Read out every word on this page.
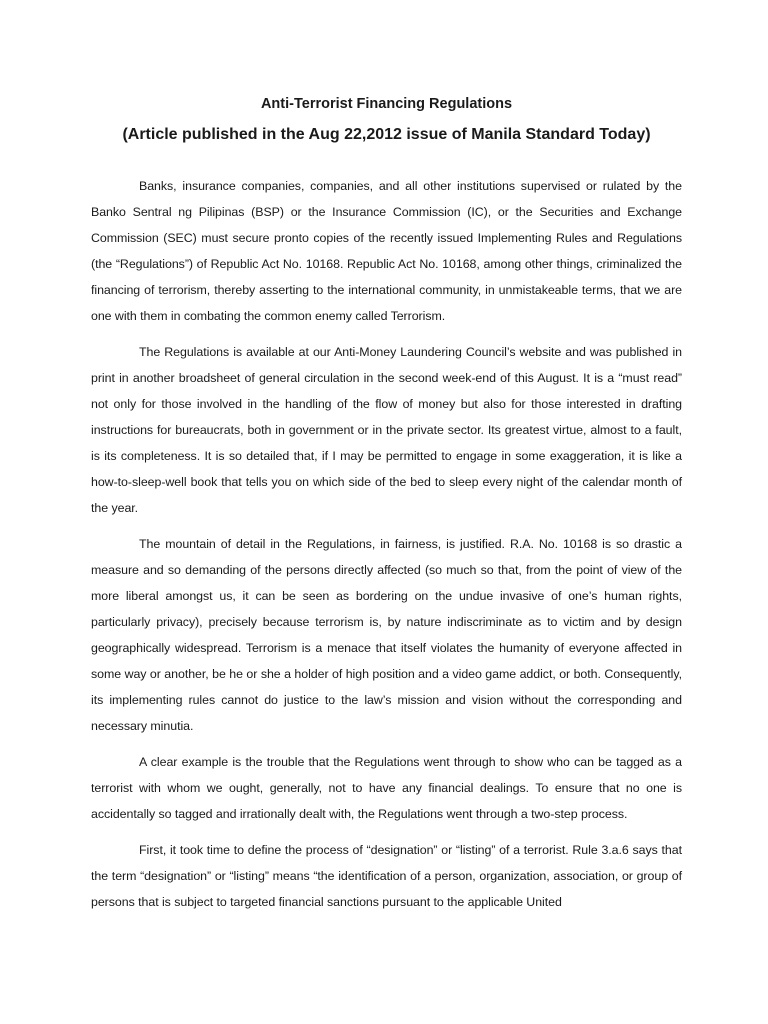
Anti-Terrorist Financing Regulations
(Article published in the Aug 22,2012 issue of Manila Standard Today)

Banks, insurance companies, companies, and all other institutions supervised or rulated by the Banko Sentral ng Pilipinas (BSP) or the Insurance Commission (IC), or the Securities and Exchange Commission (SEC) must secure pronto copies of the recently issued Implementing Rules and Regulations (the “Regulations”) of Republic Act No. 10168. Republic Act No. 10168, among other things, criminalized the financing of terrorism, thereby asserting to the international community, in unmistakeable terms, that we are one with them in combating the common enemy called Terrorism.

The Regulations is available at our Anti-Money Laundering Council’s website and was published in print in another broadsheet of general circulation in the second week-end of this August. It is a “must read” not only for those involved in the handling of the flow of money but also for those interested in drafting instructions for bureaucrats, both in government or in the private sector. Its greatest virtue, almost to a fault, is its completeness. It is so detailed that, if I may be permitted to engage in some exaggeration, it is like a how-to-sleep-well book that tells you on which side of the bed to sleep every night of the calendar month of the year.

The mountain of detail in the Regulations, in fairness, is justified. R.A. No. 10168 is so drastic a measure and so demanding of the persons directly affected (so much so that, from the point of view of the more liberal amongst us, it can be seen as bordering on the undue invasive of one’s human rights, particularly privacy), precisely because terrorism is, by nature indiscriminate as to victim and by design geographically widespread. Terrorism is a menace that itself violates the humanity of everyone affected in some way or another, be he or she a holder of high position and a video game addict, or both. Consequently, its implementing rules cannot do justice to the law’s mission and vision without the corresponding and necessary minutia.

A clear example is the trouble that the Regulations went through to show who can be tagged as a terrorist with whom we ought, generally, not to have any financial dealings. To ensure that no one is accidentally so tagged and irrationally dealt with, the Regulations went through a two-step process.

First, it took time to define the process of “designation” or “listing” of a terrorist. Rule 3.a.6 says that the term “designation” or “listing” means “the identification of a person, organization, association, or group of persons that is subject to targeted financial sanctions pursuant to the applicable United
